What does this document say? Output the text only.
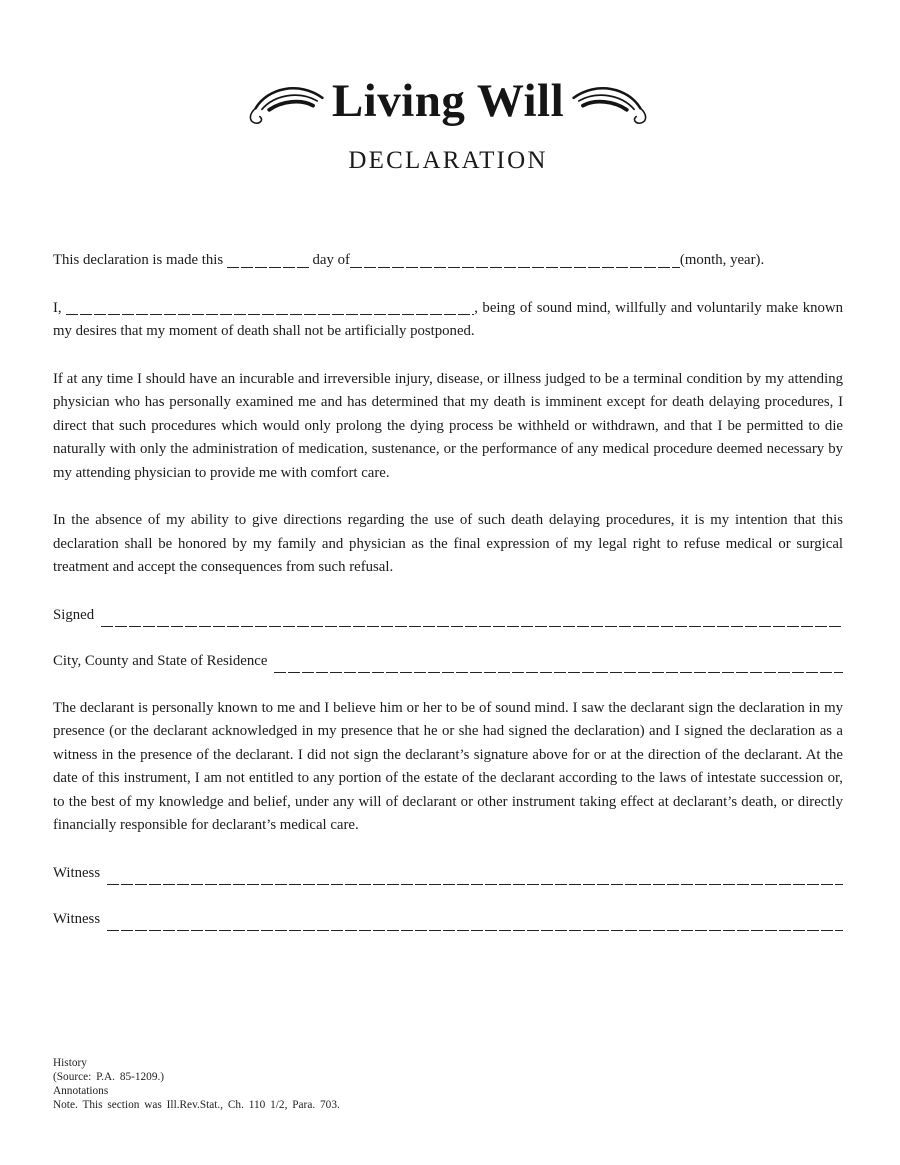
Living Will
DECLARATION

This declaration is made this	day of	(month, year).

I,	, being of sound mind, willfully and voluntarily make known my desires that my moment of death shall not be artificially postponed.

If at any time I should have an incurable and irreversible injury, disease, or illness judged to be a terminal condition by my attending physician who has personally examined me and has determined that my death is imminent except for death delaying procedures, I direct that such procedures which would only prolong the dying process be withheld or withdrawn, and that I be permitted to die naturally with only the administration of medication, sustenance, or the performance of any medical procedure deemed necessary by my attending physician to provide me with comfort care.

In the absence of my ability to give directions regarding the use of such death delaying procedures, it is my intention that this declaration shall be honored by my family and physician as the final expression of my legal right to refuse medical or surgical treatment and accept the consequences from such refusal.

Signed
City, County and State of Residence

The declarant is personally known to me and I believe him or her to be of sound mind. I saw the declarant sign the declaration in my presence (or the declarant acknowledged in my presence that he or she had signed the declaration) and I signed the declaration as a witness in the presence of the declarant. I did not sign the declarant’s signature above for or at the direction of the declarant. At the date of this instrument, I am not entitled to any portion of the estate of the declarant according to the laws of intestate succession or, to the best of my knowledge and belief, under any will of declarant or other instrument taking effect at declarant’s death, or directly financially responsible for declarant’s medical care.

Witness
Witness
History
(Source: P.A. 85-1209.)
Annotations
Note. This section was Ill.Rev.Stat., Ch. 110 1/2, Para. 703.
